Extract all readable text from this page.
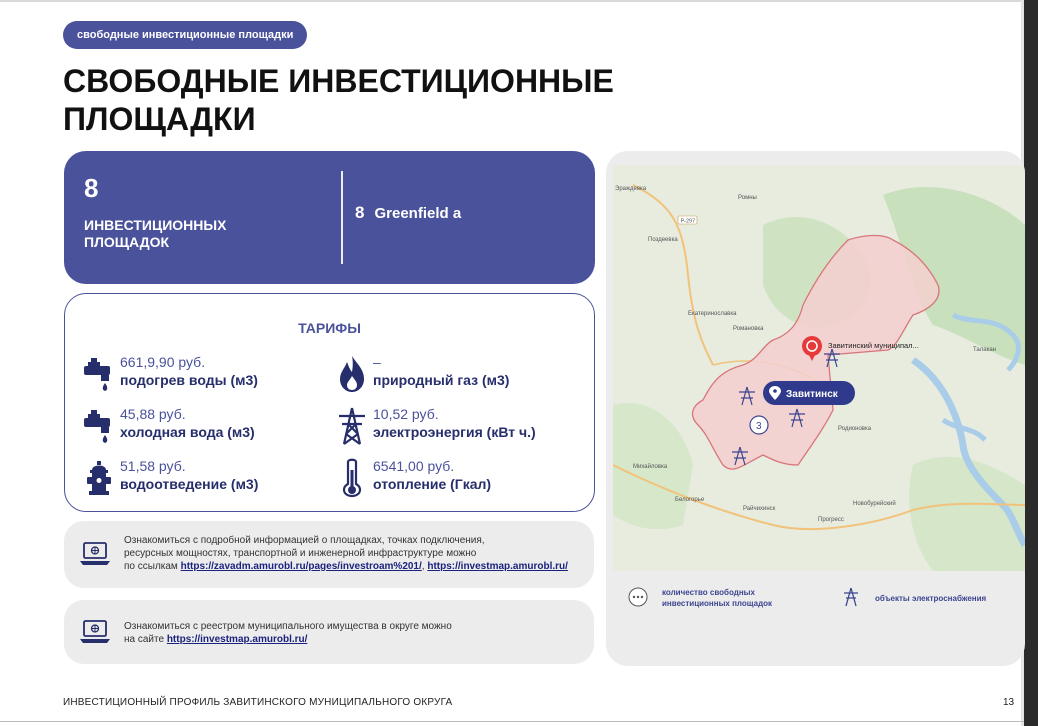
свободные инвестиционные площадки
СВОБОДНЫЕ ИНВЕСТИЦИОННЫЕ ПЛОЩАДКИ
8
ИНВЕСТИЦИОННЫХ ПЛОЩАДОК
8 Greenfield а
ТАРИФЫ
661,9,90 руб.
подогрев воды (м3)
–
природный газ (м3)
45,88 руб.
холодная вода (м3)
10,52 руб.
электроэнергия (кВт ч.)
51,58 руб.
водоотведение (м3)
6541,00 руб.
отопление (Гкал)
Ознакомиться с подробной информацией о площадках, точках подключения,
ресурсных мощностях, транспортной и инженерной инфраструктуре можно
по ссылкам https://zavadm.amurobl.ru/pages/investroam%201/, https://investmap.amurobl.ru/
Ознакомиться с реестром муниципального имущества в округе можно
на сайте https://investmap.amurobl.ru/
Эраждевка
Ромны
Поздеевка
Екатеринославка
Романовка
Талакан
Родионовка
Михайловка
Белогорье
Райчихинск
Новобурейский
Прогресс
Р-297
3
Завитинский муниципал...
Завитинск
количество свободных инвестиционных площадок
объекты электроснабжения
ИНВЕСТИЦИОННЫЙ ПРОФИЛЬ ЗАВИТИНСКОГО МУНИЦИПАЛЬНОГО ОКРУГА	13
